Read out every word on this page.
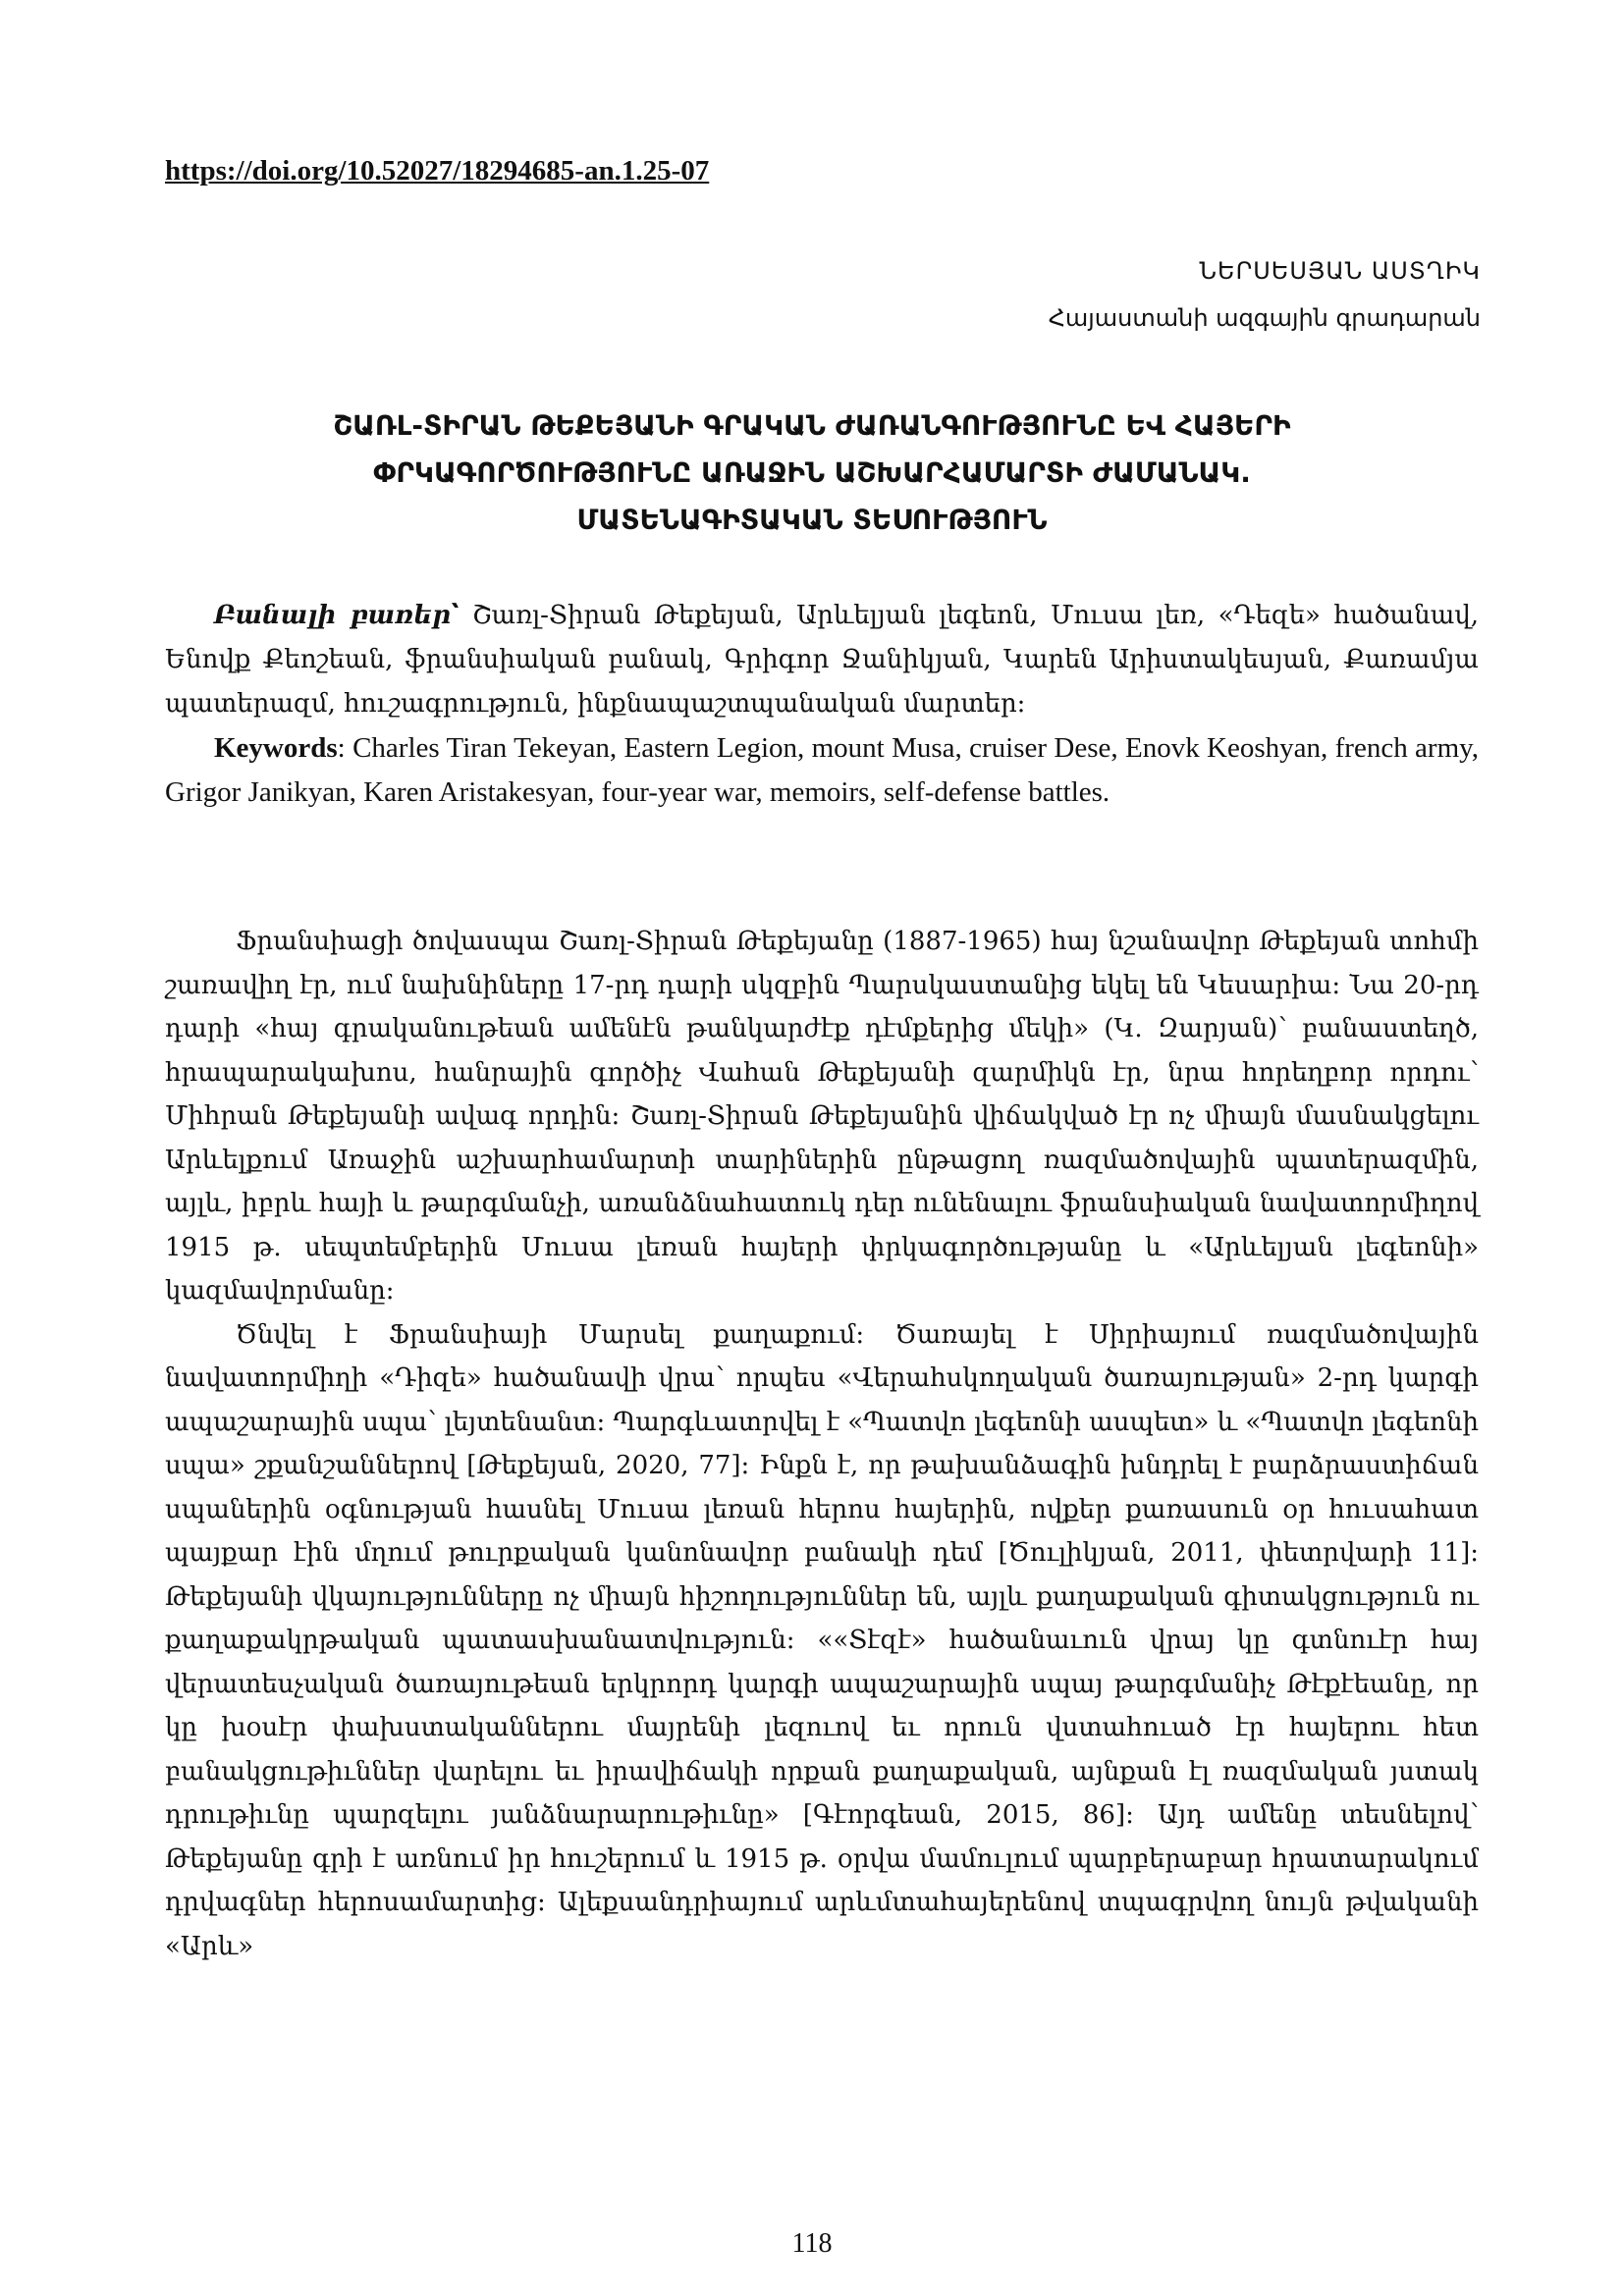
https://doi.org/10.52027/18294685-an.1.25-07
ՆԵՐՍԵՍՅԱՆ ԱՍՏՂԻԿ
Հայաստանի ազգային գրադարան
ՇԱՌԼ-ՏԻՐԱՆ ԹԵՔԵՅԱՆԻ ԳՐԱԿԱՆ ԺԱՌԱՆԳՈՒԹՅՈՒՆԸ ԵՎ ՀԱՅԵՐԻ
ՓՐԿԱԳՈՐԾՈՒԹՅՈՒՆԸ ԱՌԱՋԻՆ ԱՇԽԱՐՀԱՄԱՐՏԻ ԺԱՄԱՆԱԿ.
ՄԱՏԵՆԱԳԻՏԱԿԱՆ ՏԵՍՈՒԹՅՈՒՆ

Բանալի բառեր՝ Շառլ-Տիրան Թեքեյան, Արևելյան լեգեոն, Մուսա լեռ, «Դեզե» հածանավ, Ենովք Քեոշեան, ֆրանսիական բանակ, Գրիգոր Ջանիկյան, Կարեն Արիստակեսյան, Քառամյա պատերազմ, հուշագրություն, ինքնապաշտպանական մարտեր:

Keywords: Charles Tiran Tekeyan, Eastern Legion, mount Musa, cruiser Dese, Enovk Keoshyan, french army, Grigor Janikyan, Karen Aristakesyan, four-year war, memoirs, self-defense battles.

Ֆրանսիացի ծովասպա Շառլ-Տիրան Թեքեյանը (1887-1965) հայ նշանավոր Թեքեյան տոհմի շառավիղ էր, ում նախնիները 17-րդ դարի սկզբին Պարսկաստանից եկել են Կեսարիա: Նա 20-րդ դարի «հայ գրականութեան ամենէն թանկարժէք դէմքերից մեկի» (Կ. Զարյան)՝ բանաստեղծ, հրապարակախոս, հանրային գործիչ Վահան Թեքեյանի զարմիկն էր, նրա հորեղբոր որդու՝ Միհրան Թեքեյանի ավագ որդին: Շառլ-Տիրան Թեքեյանին վիճակված էր ոչ միայն մասնակցելու Արևելքում Առաջին աշխարհամարտի տարիներին ընթացող ռազմածովային պատերազմին, այլև, իբրև հայի և թարգմանչի, առանձնահատուկ դեր ունենալու ֆրանսիական նավատորմիղով 1915 թ. սեպտեմբերին Մուսա լեռան հայերի փրկագործությանը և «Արևելյան լեգեոնի» կազմավորմանը:

Ծնվել է Ֆրանսիայի Մարսել քաղաքում: Ծառայել է Սիրիայում ռազմածովային նավատորմիղի «Դիզե» հածանավի վրա՝ որպես «Վերահսկողական ծառայության» 2-րդ կարգի ապաշարային սպա՝ լեյտենանտ: Պարգևատրվել է «Պատվո լեգեոնի ասպետ» և «Պատվո լեգեոնի սպա» շքանշաններով [Թեքեյան, 2020, 77]: Ինքն է, որ թախանձագին խնդրել է բարձրաստիճան սպաներին օգնության հասնել Մուսա լեռան հերոս հայերին, ովքեր քառասուն օր հուսահատ պայքար էին մղում թուրքական կանոնավոր բանակի դեմ [Ծուլիկյան, 2011, փետրվարի 11]: Թեքեյանի վկայությունները ոչ միայն հիշողություններ են, այլև քաղաքական գիտակցություն ու քաղաքակրթական պատասխանատվություն: ««Տէզէ» հածանաւուն վրայ կը գտնուէր հայ վերատեսչական ծառայութեան երկրորդ կարգի ապաշարային սպայ թարգմանիչ Թէքէեանը, որ կը խօսէր փախստականներու մայրենի լեզուով եւ որուն վստահուած էր հայերու հետ բանակցութիւններ վարելու եւ իրավիճակի որքան քաղաքական, այնքան էլ ռազմական յստակ դրութիւնը պարզելու յանձնարարութիւնը» [Գէորգեան, 2015, 86]: Այդ ամենը տեսնելով՝ Թեքեյանը գրի է առնում իր հուշերում և 1915 թ. օրվա մամուլում պարբերաբար հրատարակում դրվագներ հերոսամարտից: Ալեքսանդրիայում արևմտահայերենով տպագրվող նույն թվականի «Արև»

118
